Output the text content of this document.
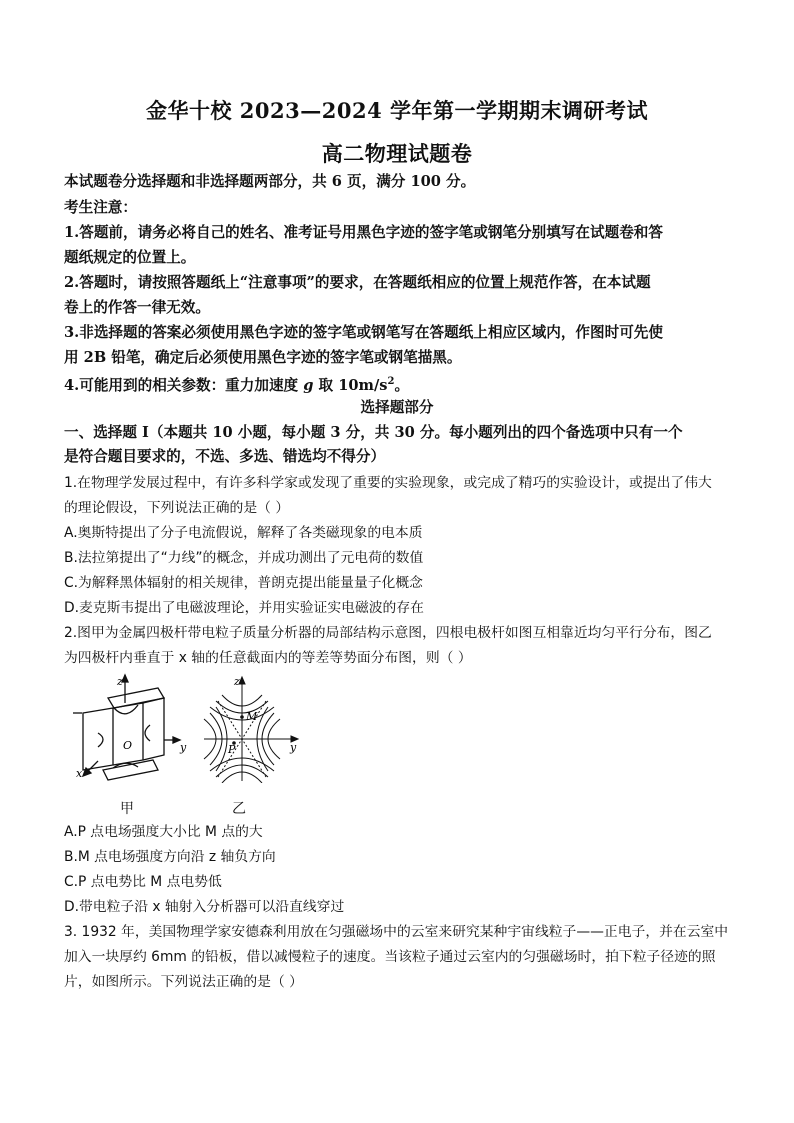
金华十校 2023—2024 学年第一学期期末调研考试
高二物理试题卷
本试题卷分选择题和非选择题两部分，共 6 页，满分 100 分。
考生注意：
1.答题前，请务必将自己的姓名、准考证号用黑色字迹的签字笔或钢笔分别填写在试题卷和答
题纸规定的位置上。
2.答题时，请按照答题纸上“注意事项”的要求，在答题纸相应的位置上规范作答，在本试题
卷上的作答一律无效。
3.非选择题的答案必须使用黑色字迹的签字笔或钢笔写在答题纸上相应区域内，作图时可先使
用 2B 铅笔，确定后必须使用黑色字迹的签字笔或钢笔描黑。
4.可能用到的相关参数：重力加速度 g 取 $10m/s^2$。
选择题部分
一、选择题 I（本题共 10 小题，每小题 3 分，共 30 分。每小题列出的四个备选项中只有一个
是符合题目要求的，不选、多选、错选均不得分）
1.在物理学发展过程中，有许多科学家或发现了重要的实验现象，或完成了精巧的实验设计，或提出了伟大
的理论假设，下列说法正确的是（ ）
A.奥斯特提出了分子电流假说，解释了各类磁现象的电本质
B.法拉第提出了“力线”的概念，并成功测出了元电荷的数值
C.为解释黑体辐射的相关规律，普朗克提出能量量子化概念
D.麦克斯韦提出了电磁波理论，并用实验证实电磁波的存在
2.图甲为金属四极杆带电粒子质量分析器的局部结构示意图，四根电极杆如图互相靠近均匀平行分布，图乙
为四极杆内垂直于 x 轴的任意截面内的等差等势面分布图，则（ ）
z
y
x
O
M
P
z
y
甲	乙
A.P 点电场强度大小比 M 点的大
B.M 点电场强度方向沿 z 轴负方向
C.P 点电势比 M 点电势低
D.带电粒子沿 x 轴射入分析器可以沿直线穿过
3. 1932 年，美国物理学家安德森利用放在匀强磁场中的云室来研究某种宇宙线粒子——正电子，并在云室中
加入一块厚约 6mm 的铅板，借以减慢粒子的速度。当该粒子通过云室内的匀强磁场时，拍下粒子径迹的照
片，如图所示。下列说法正确的是（ ）
